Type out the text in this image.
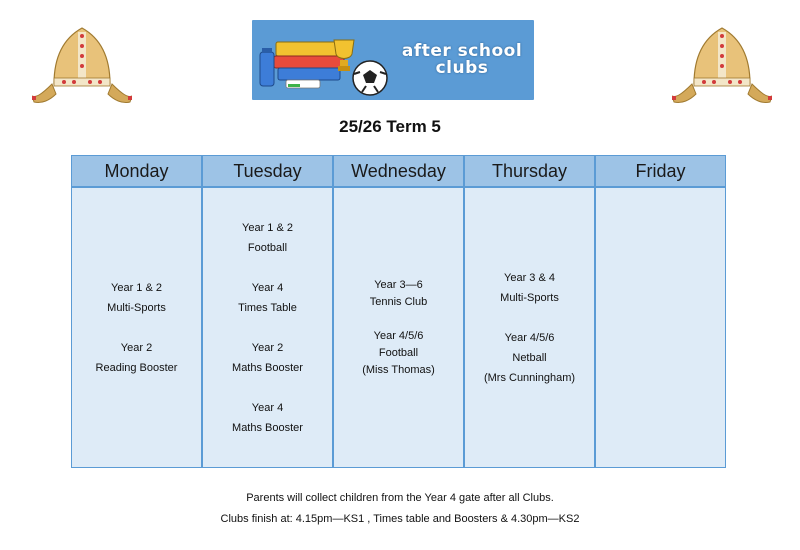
after school
clubs
25/26 Term 5
Monday
Year 1 & 2
Multi-Sports
Year 2
Reading Booster
Tuesday
Year 1 & 2
Football
Year 4
Times Table
Year 2
Maths Booster
Year 4
Maths Booster
Wednesday
Year 3—6
Tennis Club
Year 4/5/6
Football
(Miss Thomas)
Thursday
Year 3 & 4
Multi-Sports
Year 4/5/6
Netball
(Mrs Cunningham)
Friday
Parents will collect children from the Year 4 gate after all Clubs.
Clubs finish at: 4.15pm—KS1 , Times table and Boosters & 4.30pm—KS2
